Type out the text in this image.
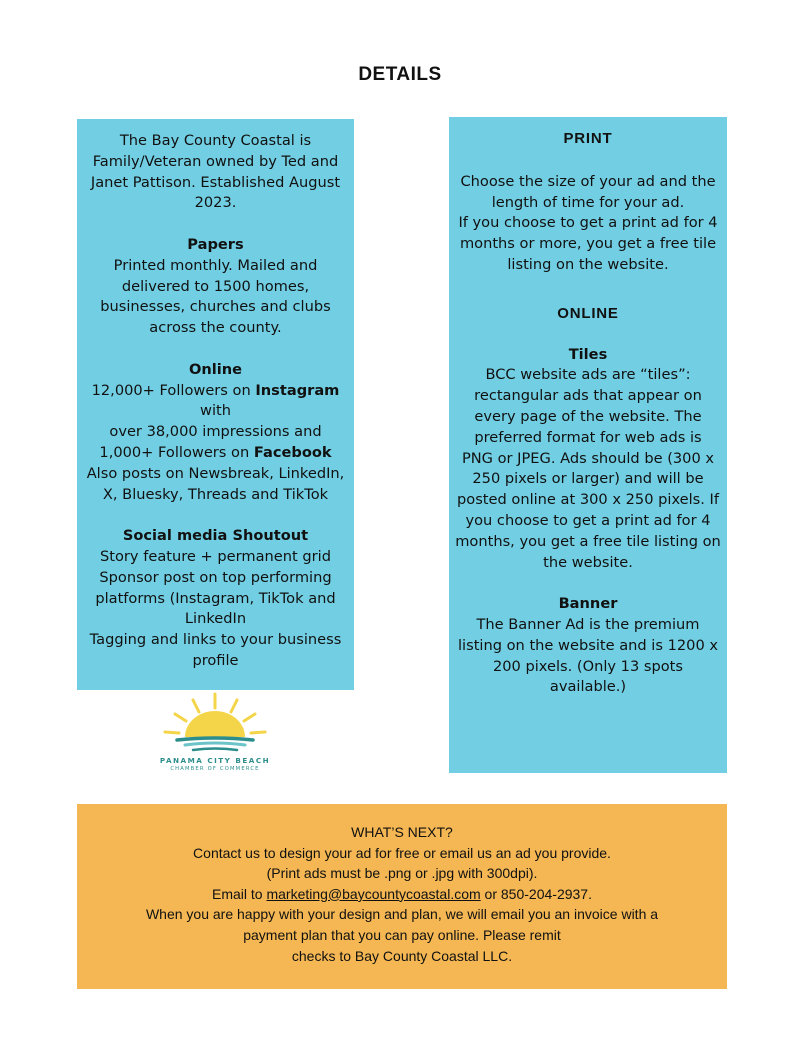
DETAILS
The Bay County Coastal is
Family/Veteran owned by Ted and
Janet Pattison. Established August
2023.
Papers
Printed monthly. Mailed and
delivered to 1500 homes,
businesses, churches and clubs
across the county.
Online
12,000+ Followers on Instagram
with
over 38,000 impressions and
1,000+ Followers on Facebook
Also posts on Newsbreak, LinkedIn,
X, Bluesky, Threads and TikTok
Social media Shoutout
Story feature + permanent grid
Sponsor post on top performing
platforms (Instagram, TikTok and
LinkedIn
Tagging and links to your business
profile
PANAMA CITY BEACH
CHAMBER OF COMMERCE
PRINT
Choose the size of your ad and the
length of time for your ad.
If you choose to get a print ad for 4
months or more, you get a free tile
listing on the website.
ONLINE
Tiles
BCC website ads are “tiles”:
rectangular ads that appear on
every page of the website. The
preferred format for web ads is
PNG or JPEG. Ads should be (300 x
250 pixels or larger) and will be
posted online at 300 x 250 pixels. If
you choose to get a print ad for 4
months, you get a free tile listing on
the website.
Banner
The Banner Ad is the premium
listing on the website and is 1200 x
200 pixels. (Only 13 spots
available.)
WHAT’S NEXT?
Contact us to design your ad for free or email us an ad you provide.
(Print ads must be .png or .jpg with 300dpi).
Email to marketing@baycountycoastal.com or 850-204-2937.
When you are happy with your design and plan, we will email you an invoice with a
payment plan that you can pay online. Please remit
checks to Bay County Coastal LLC.
